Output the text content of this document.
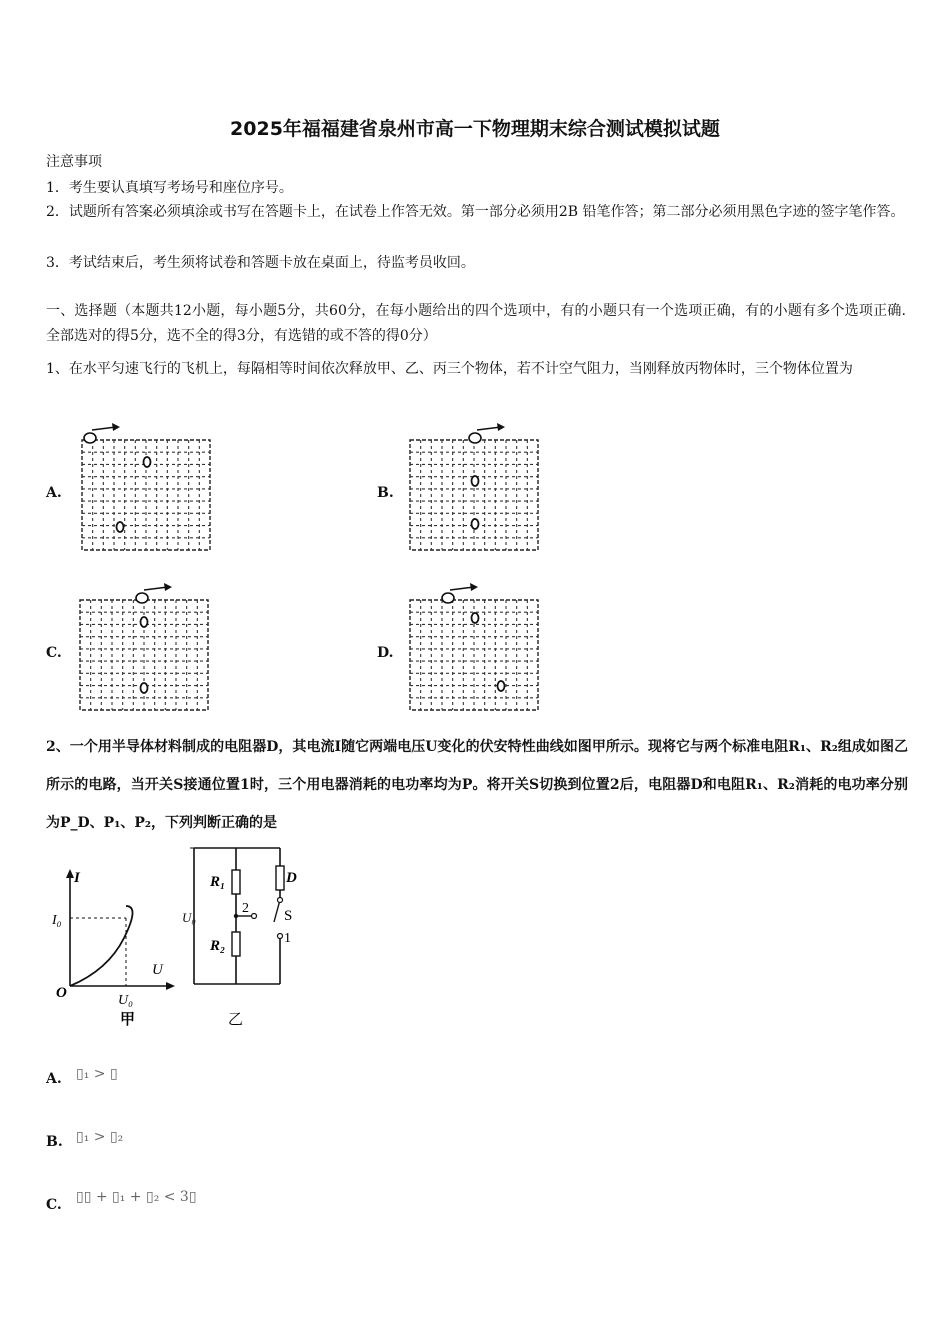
2025年福福建省泉州市高一下物理期末综合测试模拟试题
注意事项
1．考生要认真填写考场号和座位序号。
2．试题所有答案必须填涂或书写在答题卡上，在试卷上作答无效。第一部分必须用2B 铅笔作答；第二部分必须用黑色字迹的签字笔作答。
3．考试结束后，考生须将试卷和答题卡放在桌面上，待监考员收回。
一、选择题（本题共12小题，每小题5分，共60分，在每小题给出的四个选项中，有的小题只有一个选项正确，有的小题有多个选项正确.全部选对的得5分，选不全的得3分，有选错的或不答的得0分）
1、在水平匀速飞行的飞机上，每隔相等时间依次释放甲、乙、丙三个物体，若不计空气阻力，当刚释放丙物体时，三个物体位置为
A.	B.
C.	D.
2、一个用半导体材料制成的电阻器D，其电流I随它两端电压U变化的伏安特性曲线如图甲所示。现将它与两个标准电阻R₁、R₂组成如图乙所示的电路，当开关S接通位置1时，三个用电器消耗的电功率均为P。将开关S切换到位置2后，电阻器D和电阻R₁、R₂消耗的电功率分别为P_D、P₁、P₂，下列判断正确的是
I
U
O
I₀
U₀
甲
R₁
R₂
D
S
1
2
U₀
乙
A. ▯₁ > ▯
B. ▯₁ > ▯₂
C. ▯▯ + ▯₁ + ▯₂ < 3▯
